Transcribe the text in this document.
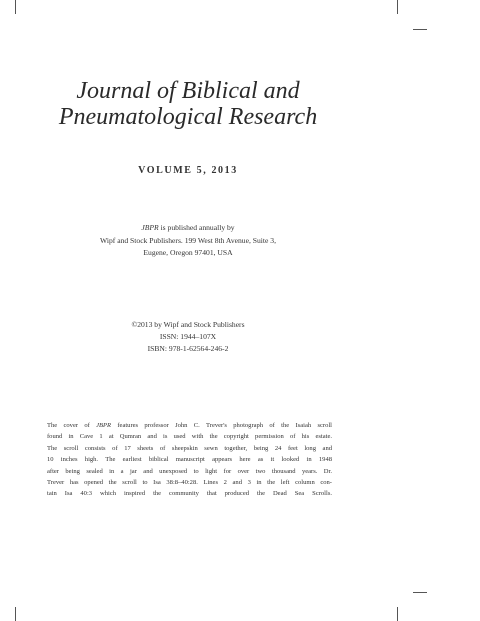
Journal of Biblical and
Pneumatological Research
VOLUME 5, 2013
JBPR is published annually by
Wipf and Stock Publishers. 199 West 8th Avenue, Suite 3,
Eugene, Oregon 97401, USA
©2013 by Wipf and Stock Publishers
ISSN: 1944–107X
ISBN: 978-1-62564-246-2
The cover of JBPR features professor John C. Trever's photograph of the Isaiah scroll
found in Cave 1 at Qumran and is used with the copyright permission of his estate.
The scroll consists of 17 sheets of sheepskin sewn together, being 24 feet long and
10 inches high. The earliest biblical manuscript appears here as it looked in 1948
after being sealed in a jar and unexposed to light for over two thousand years. Dr.
Trever has opened the scroll to Isa 38:8–40:28. Lines 2 and 3 in the left column con-
tain Isa 40:3 which inspired the community that produced the Dead Sea Scrolls.
